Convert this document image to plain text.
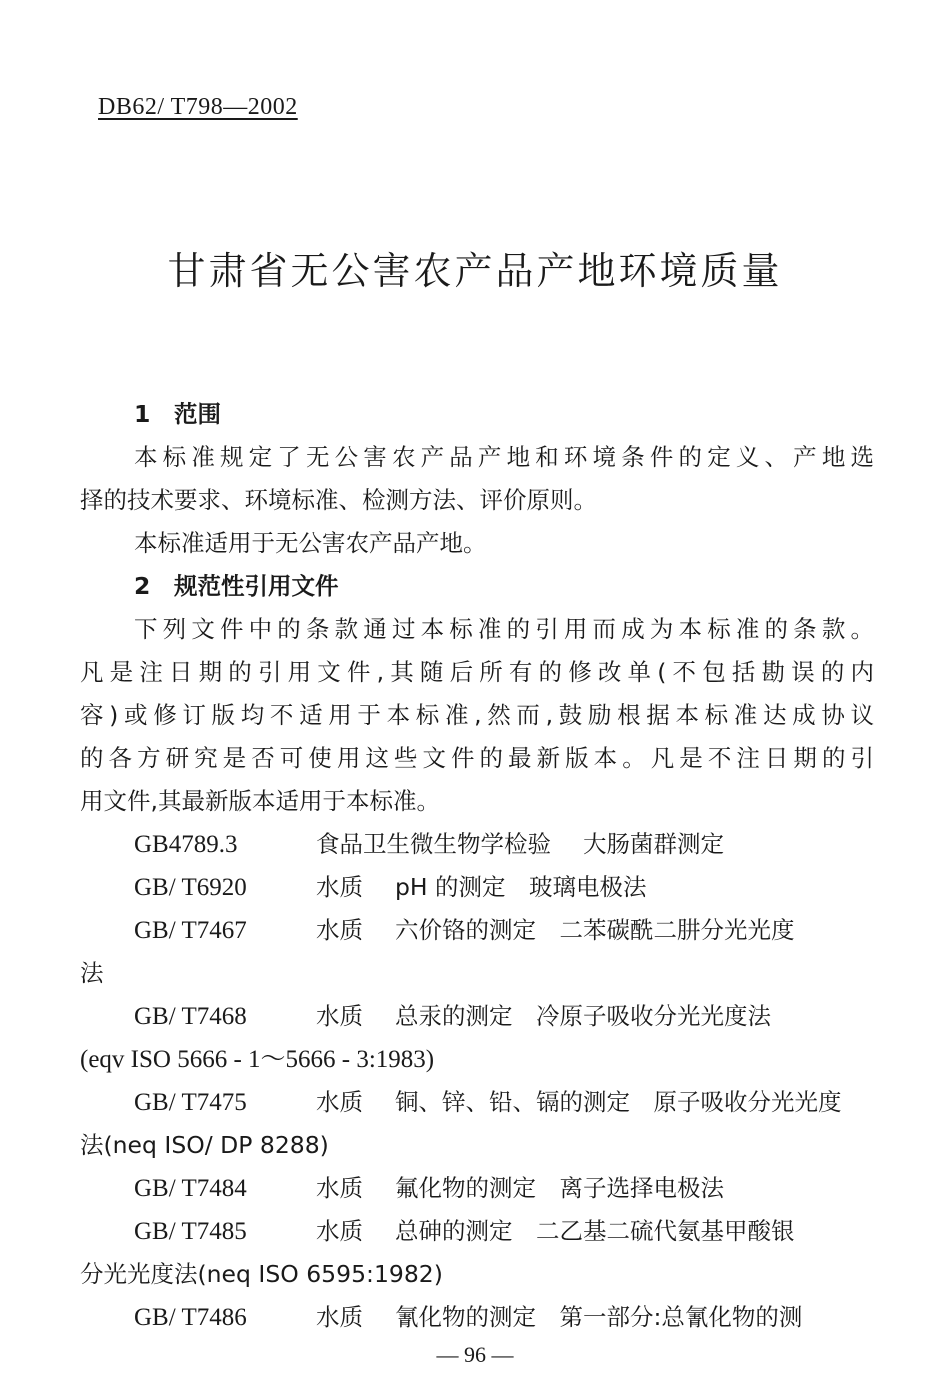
DB62/ T798—2002
甘肃省无公害农产品产地环境质量
1 范围
本标准规定了无公害农产品产地和环境条件的定义、产地选
择的技术要求、环境标准、检测方法、评价原则。
本标准适用于无公害农产品产地。
2 规范性引用文件
下列文件中的条款通过本标准的引用而成为本标准的条款。
凡是注日期的引用文件,其随后所有的修改单(不包括勘误的内
容)或修订版均不适用于本标准,然而,鼓励根据本标准达成协议
的各方研究是否可使用这些文件的最新版本。凡是不注日期的引
用文件,其最新版本适用于本标准。
GB4789.3	食品卫生微生物学检验 大肠菌群测定
GB/ T6920	水质 pH 的测定　玻璃电极法
GB/ T7467	水质 六价铬的测定　二苯碳酰二肼分光光度
法
GB/ T7468	水质 总汞的测定　冷原子吸收分光光度法
(eqv ISO 5666 - 1～5666 - 3:1983)
GB/ T7475	水质 铜、锌、铅、镉的测定　原子吸收分光光度
法(neq ISO/ DP 8288)
GB/ T7484	水质 氟化物的测定　离子选择电极法
GB/ T7485	水质 总砷的测定　二乙基二硫代氨基甲酸银
分光光度法(neq ISO 6595:1982)
GB/ T7486	水质 氰化物的测定　第一部分:总氰化物的测
— 96 —
